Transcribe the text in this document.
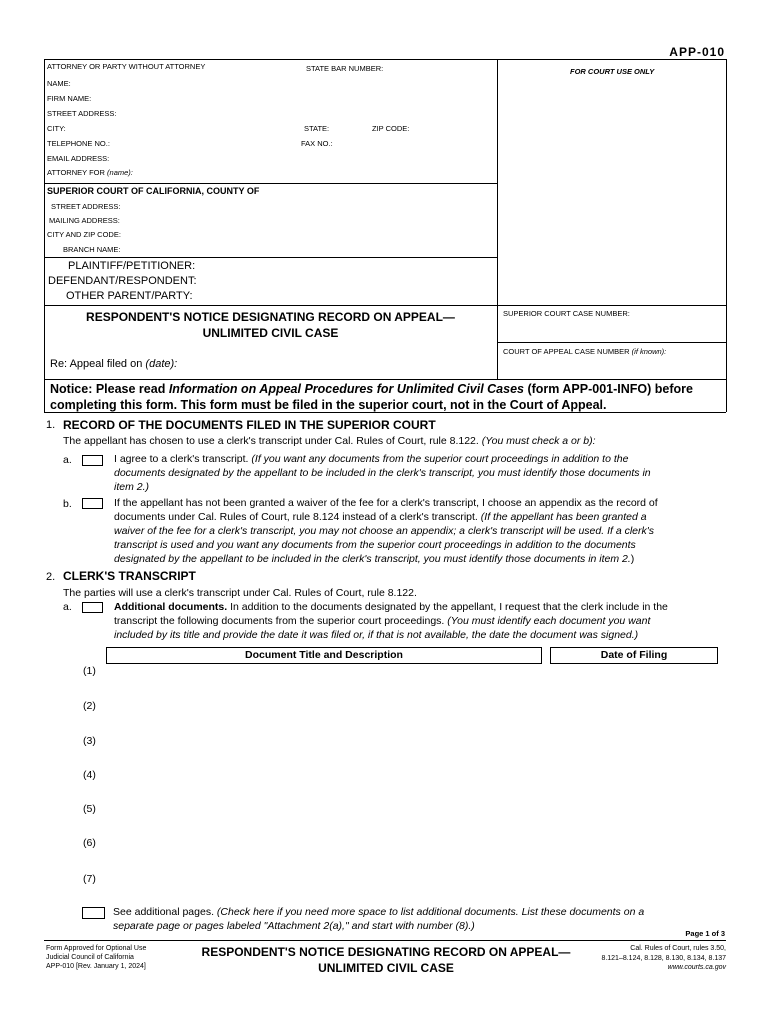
APP-010
ATTORNEY OR PARTY WITHOUT ATTORNEY	STATE BAR NUMBER:	FOR COURT USE ONLY
NAME:
FIRM NAME:
STREET ADDRESS:
CITY:	STATE:	ZIP CODE:
TELEPHONE NO.:	FAX NO.:
EMAIL ADDRESS:
ATTORNEY FOR (name):
SUPERIOR COURT OF CALIFORNIA, COUNTY OF
STREET ADDRESS:
MAILING ADDRESS:
CITY AND ZIP CODE:
BRANCH NAME:
PLAINTIFF/PETITIONER:
DEFENDANT/RESPONDENT:
OTHER PARENT/PARTY:
RESPONDENT'S NOTICE DESIGNATING RECORD ON APPEAL—
UNLIMITED CIVIL CASE
SUPERIOR COURT CASE NUMBER:
COURT OF APPEAL CASE NUMBER (if known):
Re: Appeal filed on (date):
Notice: Please read Information on Appeal Procedures for Unlimited Civil Cases (form APP-001-INFO) before
completing this form. This form must be filed in the superior court, not in the Court of Appeal.
1. RECORD OF THE DOCUMENTS FILED IN THE SUPERIOR COURT
The appellant has chosen to use a clerk's transcript under Cal. Rules of Court, rule 8.122. (You must check a or b):
a.	I agree to a clerk's transcript. (If you want any documents from the superior court proceedings in addition to the
documents designated by the appellant to be included in the clerk's transcript, you must identify those documents in
item 2.)
b.	If the appellant has not been granted a waiver of the fee for a clerk's transcript, I choose an appendix as the record of
documents under Cal. Rules of Court, rule 8.124 instead of a clerk's transcript. (If the appellant has been granted a
waiver of the fee for a clerk's transcript, you may not choose an appendix; a clerk's transcript will be used. If a clerk's
transcript is used and you want any documents from the superior court proceedings in addition to the documents
designated by the appellant to be included in the clerk's transcript, you must identify those documents in item 2.)
2. CLERK'S TRANSCRIPT
The parties will use a clerk's transcript under Cal. Rules of Court, rule 8.122.
a.	Additional documents. In addition to the documents designated by the appellant, I request that the clerk include in the
transcript the following documents from the superior court proceedings. (You must identify each document you want
included by its title and provide the date it was filed or, if that is not available, the date the document was signed.)
Document Title and Description	Date of Filing
(1)
(2)
(3)
(4)
(5)
(6)
(7)
See additional pages. (Check here if you need more space to list additional documents. List these documents on a
separate page or pages labeled "Attachment 2(a)," and start with number (8).)
Page 1 of 3
Form Approved for Optional Use
Judicial Council of California
APP-010 [Rev. January 1, 2024]
RESPONDENT'S NOTICE DESIGNATING RECORD ON APPEAL—
UNLIMITED CIVIL CASE
Cal. Rules of Court, rules 3.50,
8.121–8.124, 8.128, 8.130, 8.134, 8.137
www.courts.ca.gov
